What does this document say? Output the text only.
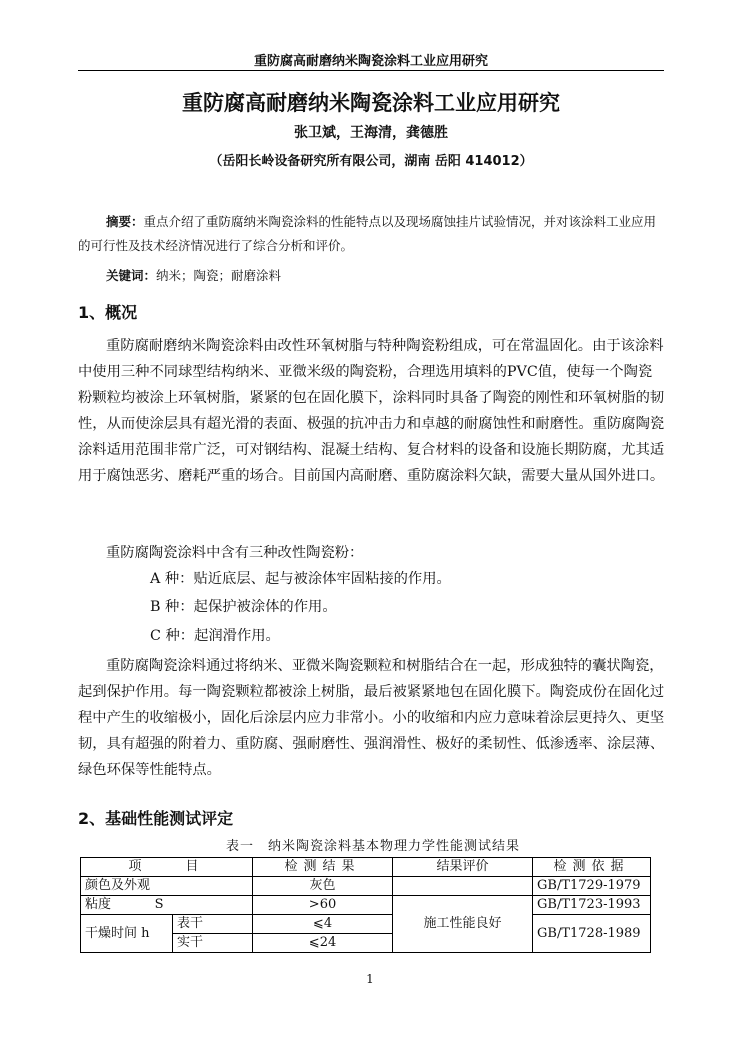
重防腐高耐磨纳米陶瓷涂料工业应用研究
重防腐高耐磨纳米陶瓷涂料工业应用研究
张卫斌，王海清，龚德胜
（岳阳长岭设备研究所有限公司，湖南 岳阳 414012）
摘要：重点介绍了重防腐纳米陶瓷涂料的性能特点以及现场腐蚀挂片试验情况，并对该涂料工业应用的可行性及技术经济情况进行了综合分析和评价。
关键词：纳米；陶瓷；耐磨涂料
1、概况
重防腐耐磨纳米陶瓷涂料由改性环氧树脂与特种陶瓷粉组成，可在常温固化。由于该涂料中使用三种不同球型结构纳米、亚微米级的陶瓷粉，合理选用填料的PVC值，使每一个陶瓷粉颗粒均被涂上环氧树脂，紧紧的包在固化膜下，涂料同时具备了陶瓷的刚性和环氧树脂的韧性，从而使涂层具有超光滑的表面、极强的抗冲击力和卓越的耐腐蚀性和耐磨性。重防腐陶瓷涂料适用范围非常广泛，可对钢结构、混凝土结构、复合材料的设备和设施长期防腐，尤其适用于腐蚀恶劣、磨耗严重的场合。目前国内高耐磨、重防腐涂料欠缺，需要大量从国外进口。
重防腐陶瓷涂料中含有三种改性陶瓷粉：
A 种：贴近底层、起与被涂体牢固粘接的作用。
B 种：起保护被涂体的作用。
C 种：起润滑作用。
重防腐陶瓷涂料通过将纳米、亚微米陶瓷颗粒和树脂结合在一起，形成独特的囊状陶瓷，起到保护作用。每一陶瓷颗粒都被涂上树脂，最后被紧紧地包在固化膜下。陶瓷成份在固化过程中产生的收缩极小，固化后涂层内应力非常小。小的收缩和内应力意味着涂层更持久、更坚韧，具有超强的附着力、重防腐、强耐磨性、强润滑性、极好的柔韧性、低渗透率、涂层薄、绿色环保等性能特点。
2、基础性能测试评定
表一　纳米陶瓷涂料基本物理力学性能测试结果
项　　目		检测结果	结果评价	检测依据
颜色及外观		灰色		GB/T1729-1979
粘度 S		>60	施工性能良好	GB/T1723-1993
干燥时间 h	表干	⩽4		GB/T1728-1989
	实干	⩽24		
1
